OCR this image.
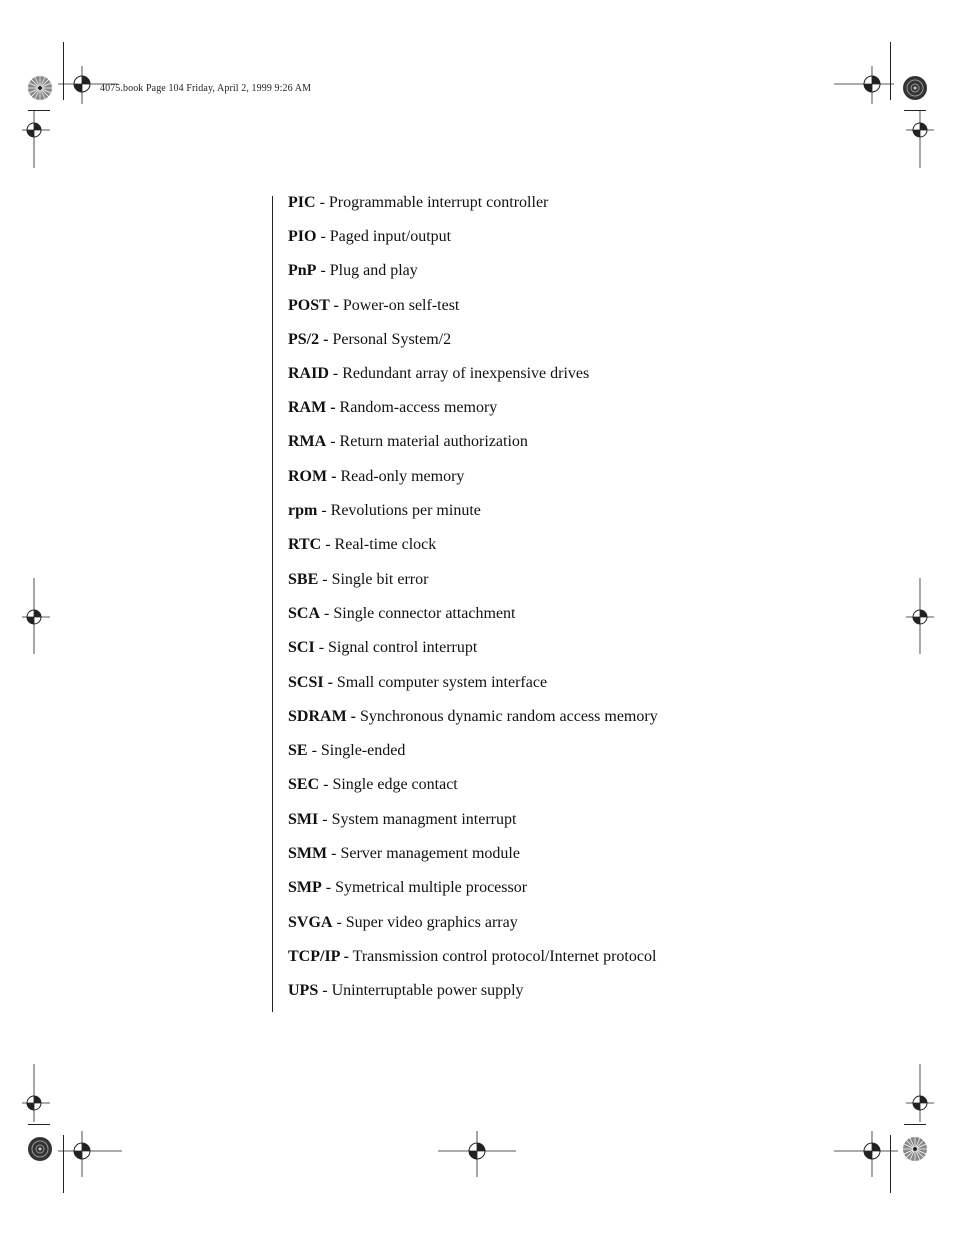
4075.book Page 104 Friday, April 2, 1999 9:26 AM
PIC - Programmable interrupt controller
PIO - Paged input/output
PnP - Plug and play
POST - Power-on self-test
PS/2 - Personal System/2
RAID - Redundant array of inexpensive drives
RAM - Random-access memory
RMA - Return material authorization
ROM - Read-only memory
rpm - Revolutions per minute
RTC - Real-time clock
SBE - Single bit error
SCA - Single connector attachment
SCI - Signal control interrupt
SCSI - Small computer system interface
SDRAM - Synchronous dynamic random access memory
SE - Single-ended
SEC - Single edge contact
SMI - System managment interrupt
SMM - Server management module
SMP - Symetrical multiple processor
SVGA - Super video graphics array
TCP/IP - Transmission control protocol/Internet protocol
UPS - Uninterruptable power supply
